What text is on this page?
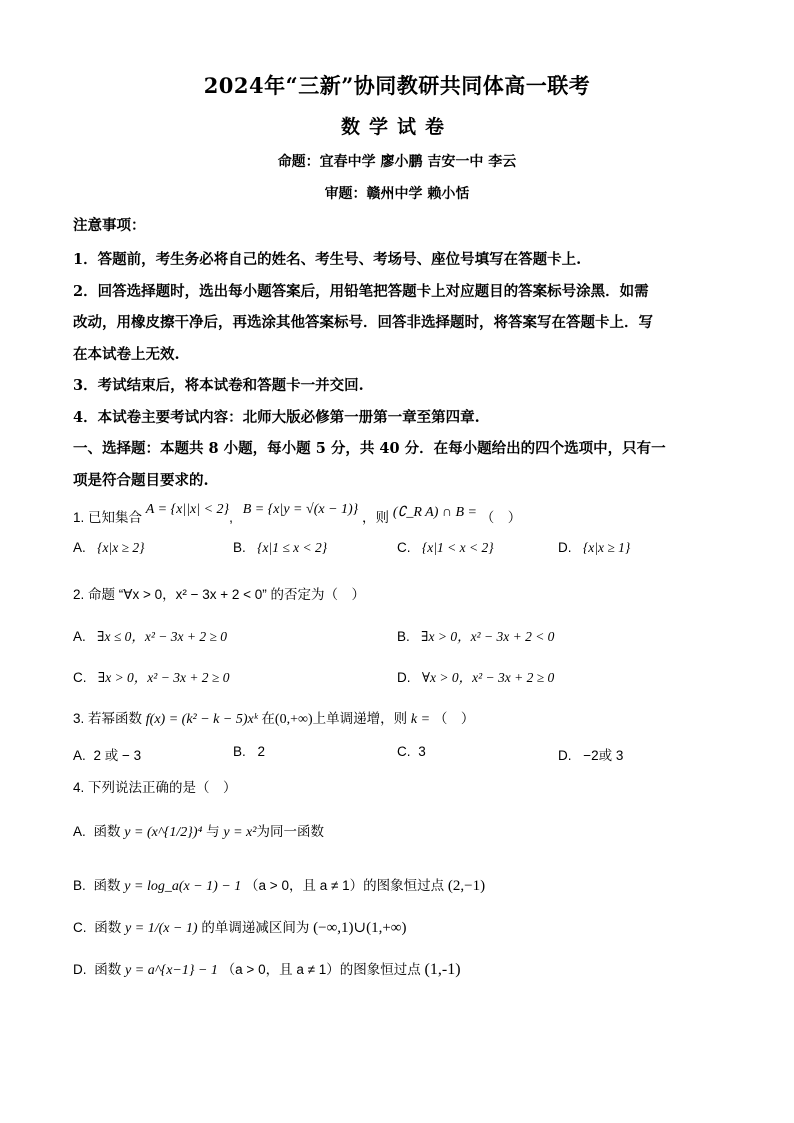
2024年“三新”协同教研共同体高一联考
数学试卷
命题：宜春中学 廖小鹏 吉安一中 李云
审题：赣州中学 赖小恬
注意事项：
1．答题前，考生务必将自己的姓名、考生号、考场号、座位号填写在答题卡上.
2．回答选择题时，选出每小题答案后，用铅笔把答题卡上对应题目的答案标号涂黑．如需
改动，用橡皮擦干净后，再选涂其他答案标号．回答非选择题时，将答案写在答题卡上．写
在本试卷上无效.
3．考试结束后，将本试卷和答题卡一并交回.
4．本试卷主要考试内容：北师大版必修第一册第一章至第四章.
一、选择题：本题共 8 小题，每小题 5 分，共 40 分．在每小题给出的四个选项中，只有一
项是符合题目要求的.
1. 已知集合 A = {x||x| < 2}, B = {x|y = √(x − 1)} ，则 (∁_R A) ∩ B = （　）
A. {x|x ≥ 2}	B. {x|1 ≤ x < 2}	C. {x|1 < x < 2}	D. {x|x ≥ 1}
2. 命题 “∀x > 0，x² − 3x + 2 < 0” 的否定为（　）
A. ∃x ≤ 0，x² − 3x + 2 ≥ 0	B. ∃x > 0，x² − 3x + 2 < 0
C. ∃x > 0，x² − 3x + 2 ≥ 0	D. ∀x > 0，x² − 3x + 2 ≥ 0
3. 若幂函数 f(x) = (k² − k − 5)xᵏ 在(0,+∞)上单调递增，则 k = （　）
A. 2 或 − 3	B. 2	C. 3	D. −2或 3
4. 下列说法正确的是（　）
A. 函数 y = (x^{1/2})⁴ 与 y = x²为同一函数
B. 函数 y = log_a(x − 1) − 1 （a > 0，且 a ≠ 1）的图象恒过点 (2,−1)
C. 函数 y = 1/(x − 1) 的单调递减区间为 (−∞,1)∪(1,+∞)
D. 函数 y = a^{x−1} − 1 （a > 0，且 a ≠ 1）的图象恒过点 (1,-1)
